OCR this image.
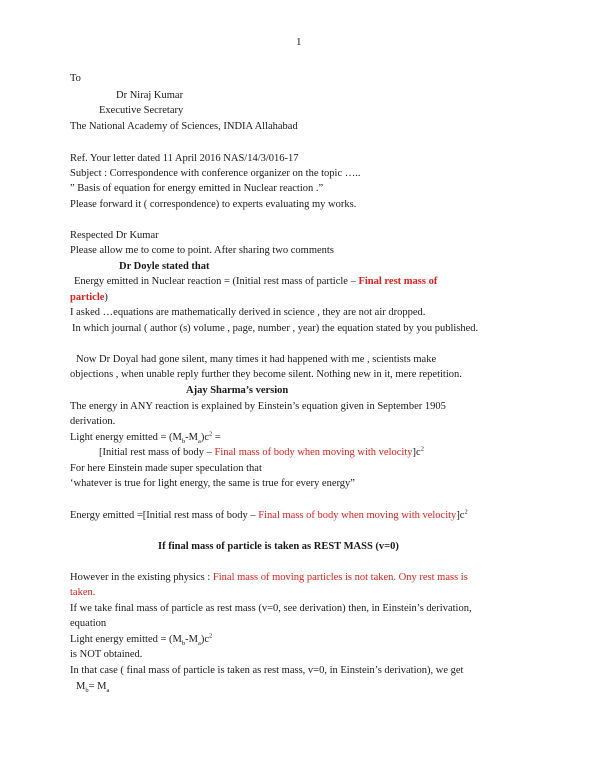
1
To
Dr Niraj Kumar
Executive Secretary
The National Academy of Sciences, INDIA Allahabad
Ref. Your letter dated 11 April 2016 NAS/14/3/016-17
Subject : Correspondence with conference organizer on the topic …..
” Basis of equation for energy emitted in Nuclear reaction .”
Please forward it ( correspondence) to experts evaluating my works.
Respected Dr Kumar
Please allow me to come to point. After sharing two comments
Dr Doyle stated that
Energy emitted in Nuclear reaction = (Initial rest mass of particle – Final rest mass of
particle)
I asked …equations are mathematically derived in science , they are not air dropped.
In which journal ( author (s) volume , page, number , year) the equation stated by you published.
Now Dr Doyal had gone silent, many times it had happened with me , scientists make
objections , when unable reply further they become silent. Nothing new in it, mere repetition.
Ajay Sharma’s version
The energy in ANY reaction is explained by Einstein’s equation given in September 1905
derivation.
Light energy emitted = $(M_b-M_a)c^2$ =
[Initial rest mass of body – Final mass of body when moving with $velocity]c^2$
For here Einstein made super speculation that
‘whatever is true for light energy, the same is true for every energy”
Energy emitted =[Initial rest mass of body – Final mass of body when moving with $velocity]c^2$
If final mass of particle is taken as REST MASS (v=0)
However in the existing physics : Final mass of moving particles is not taken. Ony rest mass is
taken.
If we take final mass of particle as rest mass (v=0, see derivation) then, in Einstein’s derivation,
equation
Light energy emitted = $(M_b-M_a)c^2$
is NOT obtained.
In that case ( final mass of particle is taken as rest mass, v=0, in Einstein’s derivation), we get
$M_b= M_a$
